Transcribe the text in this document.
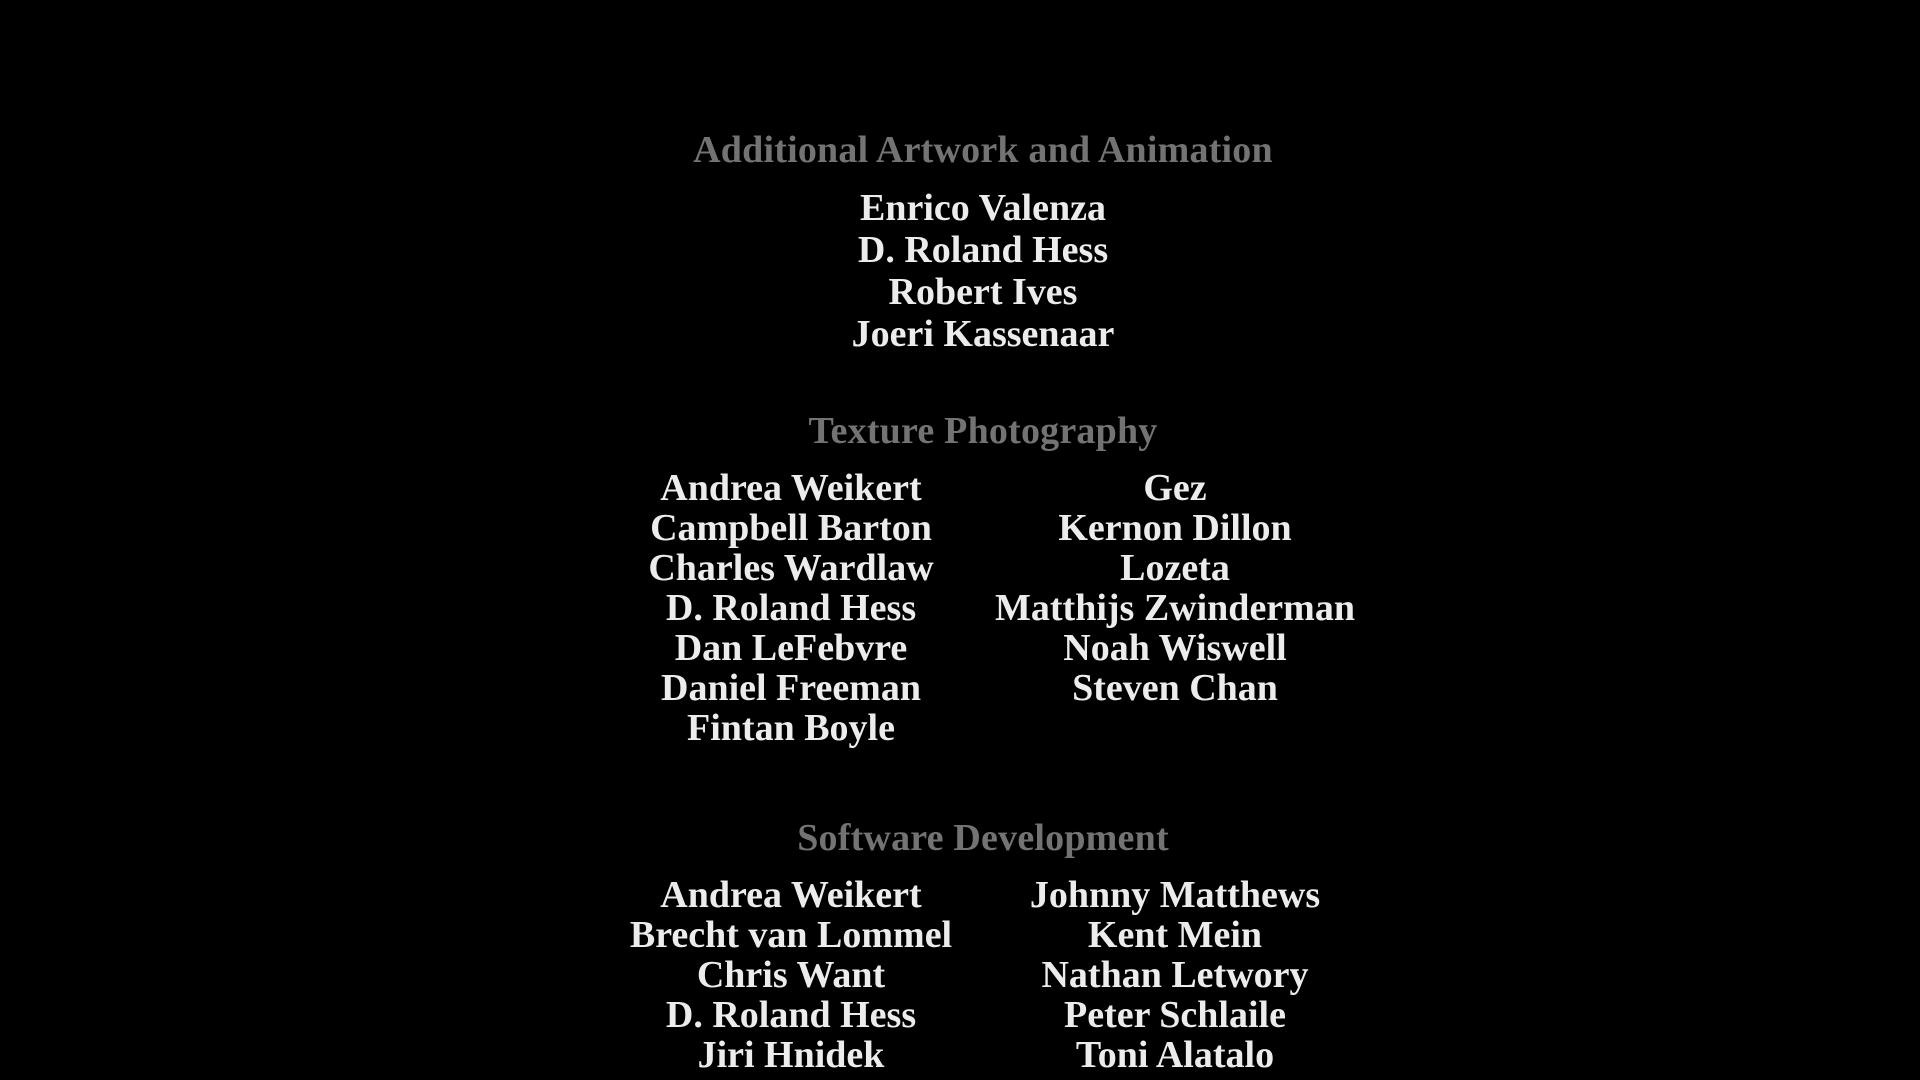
Additional Artwork and Animation
Enrico Valenza
D. Roland Hess
Robert Ives
Joeri Kassenaar
Texture Photography
Andrea Weikert
Campbell Barton
Charles Wardlaw
D. Roland Hess
Dan LeFebvre
Daniel Freeman
Fintan Boyle
Gez
Kernon Dillon
Lozeta
Matthijs Zwinderman
Noah Wiswell
Steven Chan
Software Development
Andrea Weikert
Brecht van Lommel
Chris Want
D. Roland Hess
Jiri Hnidek
Johnny Matthews
Kent Mein
Nathan Letwory
Peter Schlaile
Toni Alatalo
